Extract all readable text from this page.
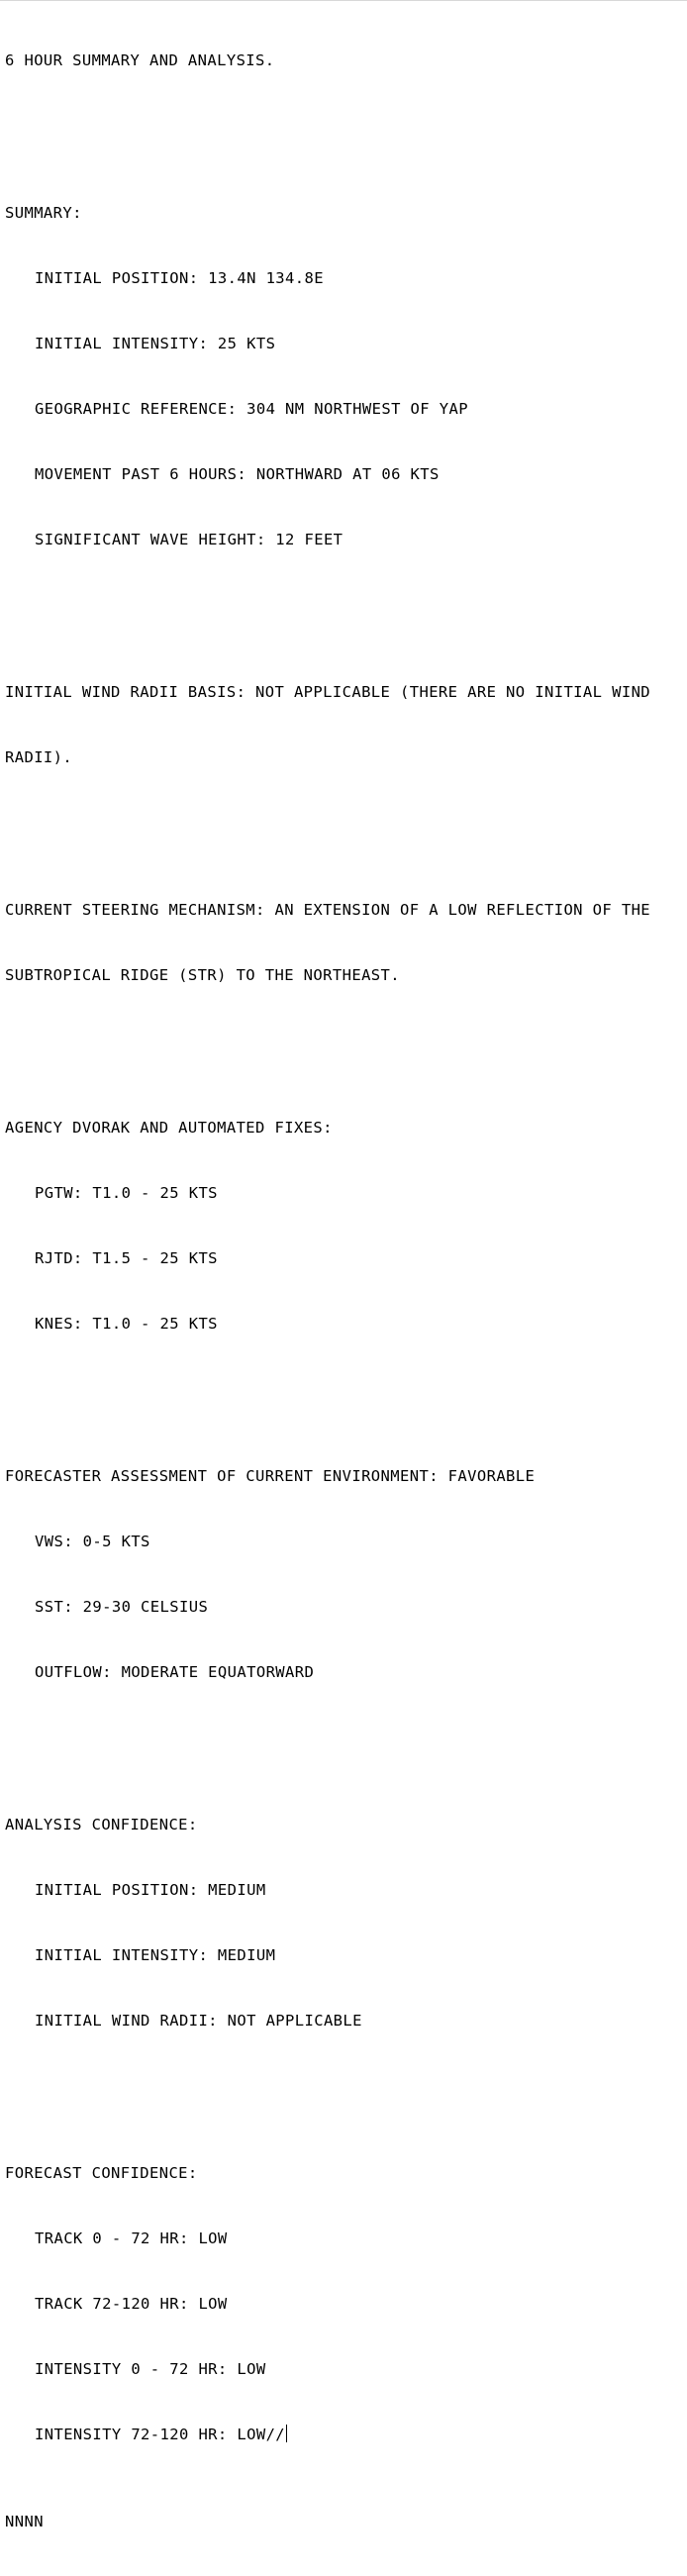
6 HOUR SUMMARY AND ANALYSIS.

SUMMARY:

INITIAL POSITION: 13.4N 134.8E

INITIAL INTENSITY: 25 KTS

GEOGRAPHIC REFERENCE: 304 NM NORTHWEST OF YAP

MOVEMENT PAST 6 HOURS: NORTHWARD AT 06 KTS

SIGNIFICANT WAVE HEIGHT: 12 FEET

INITIAL WIND RADII BASIS: NOT APPLICABLE (THERE ARE NO INITIAL WIND

RADII).

CURRENT STEERING MECHANISM: AN EXTENSION OF A LOW REFLECTION OF THE

SUBTROPICAL RIDGE (STR) TO THE NORTHEAST.

AGENCY DVORAK AND AUTOMATED FIXES:

PGTW: T1.0 - 25 KTS

RJTD: T1.5 - 25 KTS

KNES: T1.0 - 25 KTS

FORECASTER ASSESSMENT OF CURRENT ENVIRONMENT: FAVORABLE

VWS: 0-5 KTS

SST: 29-30 CELSIUS

OUTFLOW: MODERATE EQUATORWARD

ANALYSIS CONFIDENCE:

INITIAL POSITION: MEDIUM

INITIAL INTENSITY: MEDIUM

INITIAL WIND RADII: NOT APPLICABLE

FORECAST CONFIDENCE:

TRACK 0 - 72 HR: LOW

TRACK 72-120 HR: LOW

INTENSITY 0 - 72 HR: LOW

INTENSITY 72-120 HR: LOW//

NNNN
